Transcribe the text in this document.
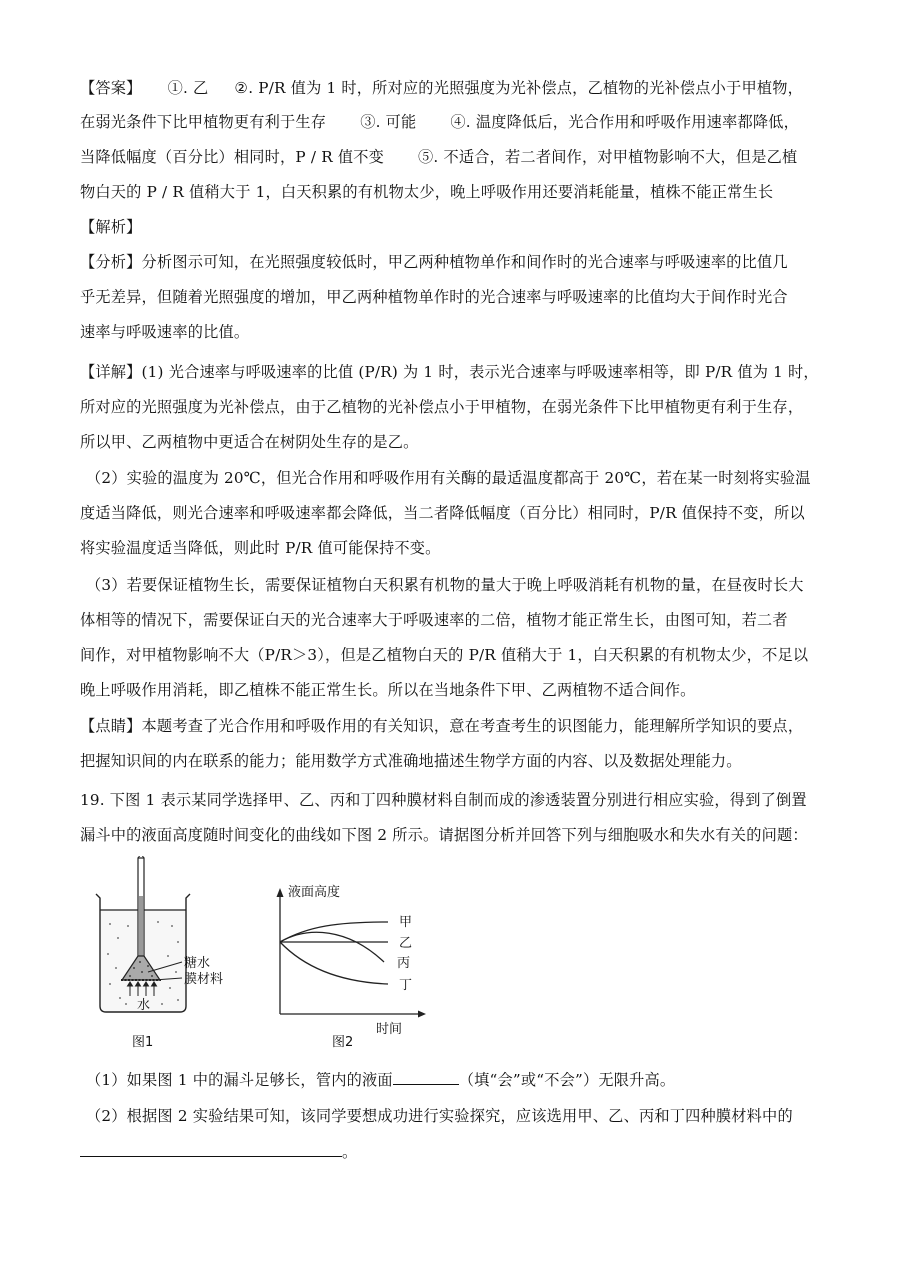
【答案】 ①. 乙 ②. P/R 值为 1 时，所对应的光照强度为光补偿点，乙植物的光补偿点小于甲植物，
在弱光条件下比甲植物更有利于生存 ③. 可能 ④. 温度降低后，光合作用和呼吸作用速率都降低，
当降低幅度（百分比）相同时，P / R 值不变 ⑤. 不适合，若二者间作，对甲植物影响不大，但是乙植
物白天的 P / R 值稍大于 1，白天积累的有机物太少，晚上呼吸作用还要消耗能量，植株不能正常生长
【解析】
【分析】分析图示可知，在光照强度较低时，甲乙两种植物单作和间作时的光合速率与呼吸速率的比值几
乎无差异，但随着光照强度的增加，甲乙两种植物单作时的光合速率与呼吸速率的比值均大于间作时光合
速率与呼吸速率的比值。
【详解】(1) 光合速率与呼吸速率的比值 (P/R) 为 1 时，表示光合速率与呼吸速率相等，即 P/R 值为 1 时，
所对应的光照强度为光补偿点，由于乙植物的光补偿点小于甲植物，在弱光条件下比甲植物更有利于生存，
所以甲、乙两植物中更适合在树阴处生存的是乙。
（2）实验的温度为 20℃，但光合作用和呼吸作用有关酶的最适温度都高于 20℃，若在某一时刻将实验温
度适当降低，则光合速率和呼吸速率都会降低，当二者降低幅度（百分比）相同时，P/R 值保持不变，所以
将实验温度适当降低，则此时 P/R 值可能保持不变。
（3）若要保证植物生长，需要保证植物白天积累有机物的量大于晚上呼吸消耗有机物的量，在昼夜时长大
体相等的情况下，需要保证白天的光合速率大于呼吸速率的二倍，植物才能正常生长，由图可知，若二者
间作，对甲植物影响不大（P/R＞3），但是乙植物白天的 P/R 值稍大于 1，白天积累的有机物太少，不足以
晚上呼吸作用消耗，即乙植株不能正常生长。所以在当地条件下甲、乙两植物不适合间作。
【点睛】本题考查了光合作用和呼吸作用的有关知识，意在考查考生的识图能力，能理解所学知识的要点，
把握知识间的内在联系的能力；能用数学方式准确地描述生物学方面的内容、以及数据处理能力。
19. 下图 1 表示某同学选择甲、乙、丙和丁四种膜材料自制而成的渗透装置分别进行相应实验，得到了倒置
漏斗中的液面高度随时间变化的曲线如下图 2 所示。请据图分析并回答下列与细胞吸水和失水有关的问题：
糖水
膜材料
水
图1
液面高度
时间
甲
乙
丙
丁
图2
（1）如果图 1 中的漏斗足够长，管内的液面	（填“会”或“不会”）无限升高。
（2）根据图 2 实验结果可知，该同学要想成功进行实验探究，应该选用甲、乙、丙和丁四种膜材料中的
。
